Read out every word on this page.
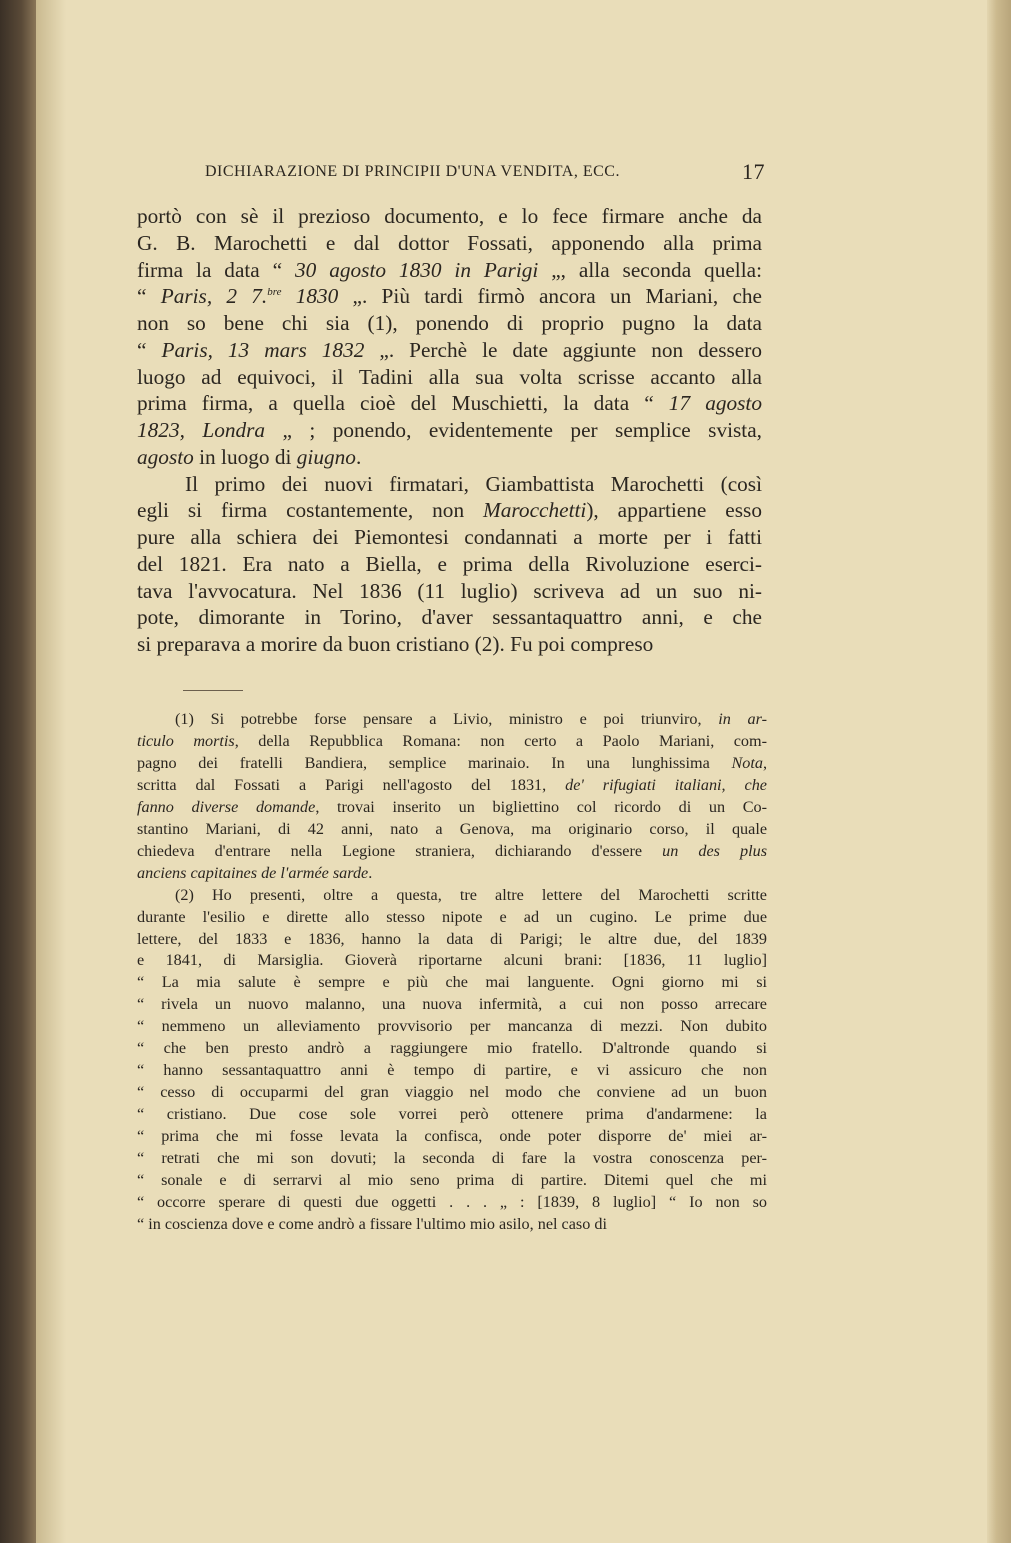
DICHIARAZIONE DI PRINCIPII D'UNA VENDITA, ECC.	17
portò con sè il prezioso documento, e lo fece firmare anche da
G. B. Marochetti e dal dottor Fossati, apponendo alla prima
firma la data “ 30 agosto 1830 in Parigi „, alla seconda quella:
“ Paris, 2 7.$^{bre}$ 1830 „. Più tardi firmò ancora un Mariani, che
non so bene chi sia (1), ponendo di proprio pugno la data
“ Paris, 13 mars 1832 „. Perchè le date aggiunte non dessero
luogo ad equivoci, il Tadini alla sua volta scrisse accanto alla
prima firma, a quella cioè del Muschietti, la data “ 17 agosto
1823, Londra „ ; ponendo, evidentemente per semplice svista,
agosto in luogo di giugno.
Il primo dei nuovi firmatari, Giambattista Marochetti (così
egli si firma costantemente, non Marocchetti), appartiene esso
pure alla schiera dei Piemontesi condannati a morte per i fatti
del 1821. Era nato a Biella, e prima della Rivoluzione eserci-
tava l'avvocatura. Nel 1836 (11 luglio) scriveva ad un suo ni-
pote, dimorante in Torino, d'aver sessantaquattro anni, e che
si preparava a morire da buon cristiano (2). Fu poi compreso
(1) Si potrebbe forse pensare a Livio, ministro e poi triunviro, in ar-
ticulo mortis, della Repubblica Romana: non certo a Paolo Mariani, com-
pagno dei fratelli Bandiera, semplice marinaio. In una lunghissima Nota,
scritta dal Fossati a Parigi nell'agosto del 1831, de' rifugiati italiani, che
fanno diverse domande, trovai inserito un bigliettino col ricordo di un Co-
stantino Mariani, di 42 anni, nato a Genova, ma originario corso, il quale
chiedeva d'entrare nella Legione straniera, dichiarando d'essere un des plus
anciens capitaines de l'armée sarde.
(2) Ho presenti, oltre a questa, tre altre lettere del Marochetti scritte
durante l'esilio e dirette allo stesso nipote e ad un cugino. Le prime due
lettere, del 1833 e 1836, hanno la data di Parigi; le altre due, del 1839
e 1841, di Marsiglia. Gioverà riportarne alcuni brani: [1836, 11 luglio]
“ La mia salute è sempre e più che mai languente. Ogni giorno mi si
“ rivela un nuovo malanno, una nuova infermità, a cui non posso arrecare
“ nemmeno un alleviamento provvisorio per mancanza di mezzi. Non dubito
“ che ben presto andrò a raggiungere mio fratello. D'altronde quando si
“ hanno sessantaquattro anni è tempo di partire, e vi assicuro che non
“ cesso di occuparmi del gran viaggio nel modo che conviene ad un buon
“ cristiano. Due cose sole vorrei però ottenere prima d'andarmene: la
“ prima che mi fosse levata la confisca, onde poter disporre de' miei ar-
“ retrati che mi son dovuti; la seconda di fare la vostra conoscenza per-
“ sonale e di serrarvi al mio seno prima di partire. Ditemi quel che mi
“ occorre sperare di questi due oggetti . . . „ : [1839, 8 luglio] “ Io non so
“ in coscienza dove e come andrò a fissare l'ultimo mio asilo, nel caso di
